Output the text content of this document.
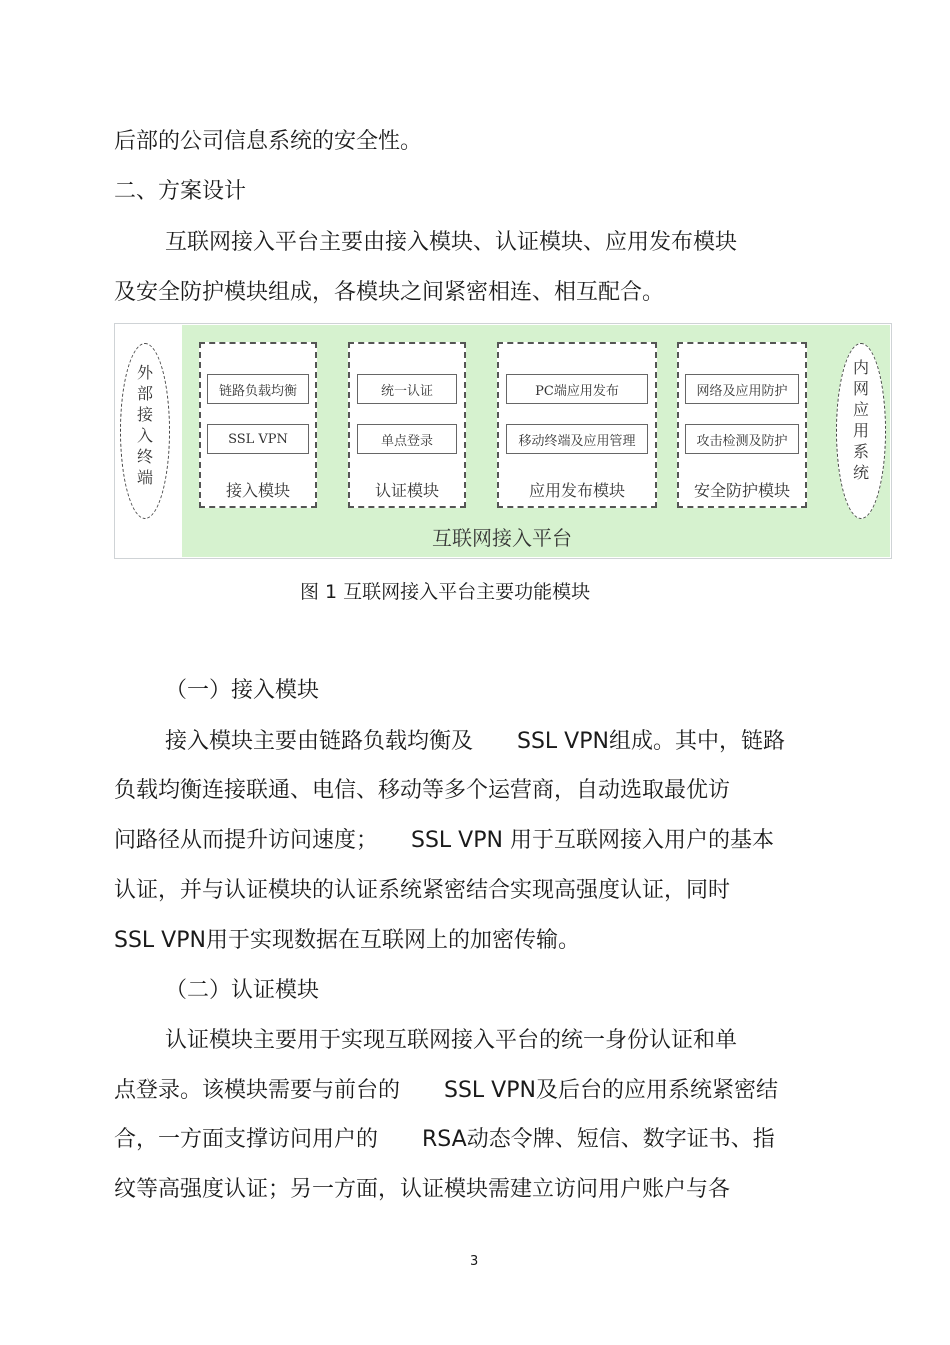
后部的公司信息系统的安全性。

二、方案设计

互联网接入平台主要由接入模块、认证模块、应用发布模块

及安全防护模块组成，各模块之间紧密相连、相互配合。

外
部
接
入
终
端
内
网
应
用
系
统
链路负载均衡
SSL VPN
接入模块
统一认证
单点登录
认证模块
PC端应用发布
移动终端及应用管理
应用发布模块
网络及应用防护
攻击检测及防护
安全防护模块
互联网接入平台
图 1 互联网接入平台主要功能模块

（一）接入模块

接入模块主要由链路负载均衡及　　SSL VPN组成。其中，链路

负载均衡连接联通、电信、移动等多个运营商，自动选取最优访

问路径从而提升访问速度；　　SSL VPN 用于互联网接入用户的基本

认证，并与认证模块的认证系统紧密结合实现高强度认证，同时

SSL VPN用于实现数据在互联网上的加密传输。

（二）认证模块

认证模块主要用于实现互联网接入平台的统一身份认证和单

点登录。该模块需要与前台的　　SSL VPN及后台的应用系统紧密结

合，一方面支撑访问用户的　　RSA动态令牌、短信、数字证书、指

纹等高强度认证；另一方面，认证模块需建立访问用户账户与各

3
